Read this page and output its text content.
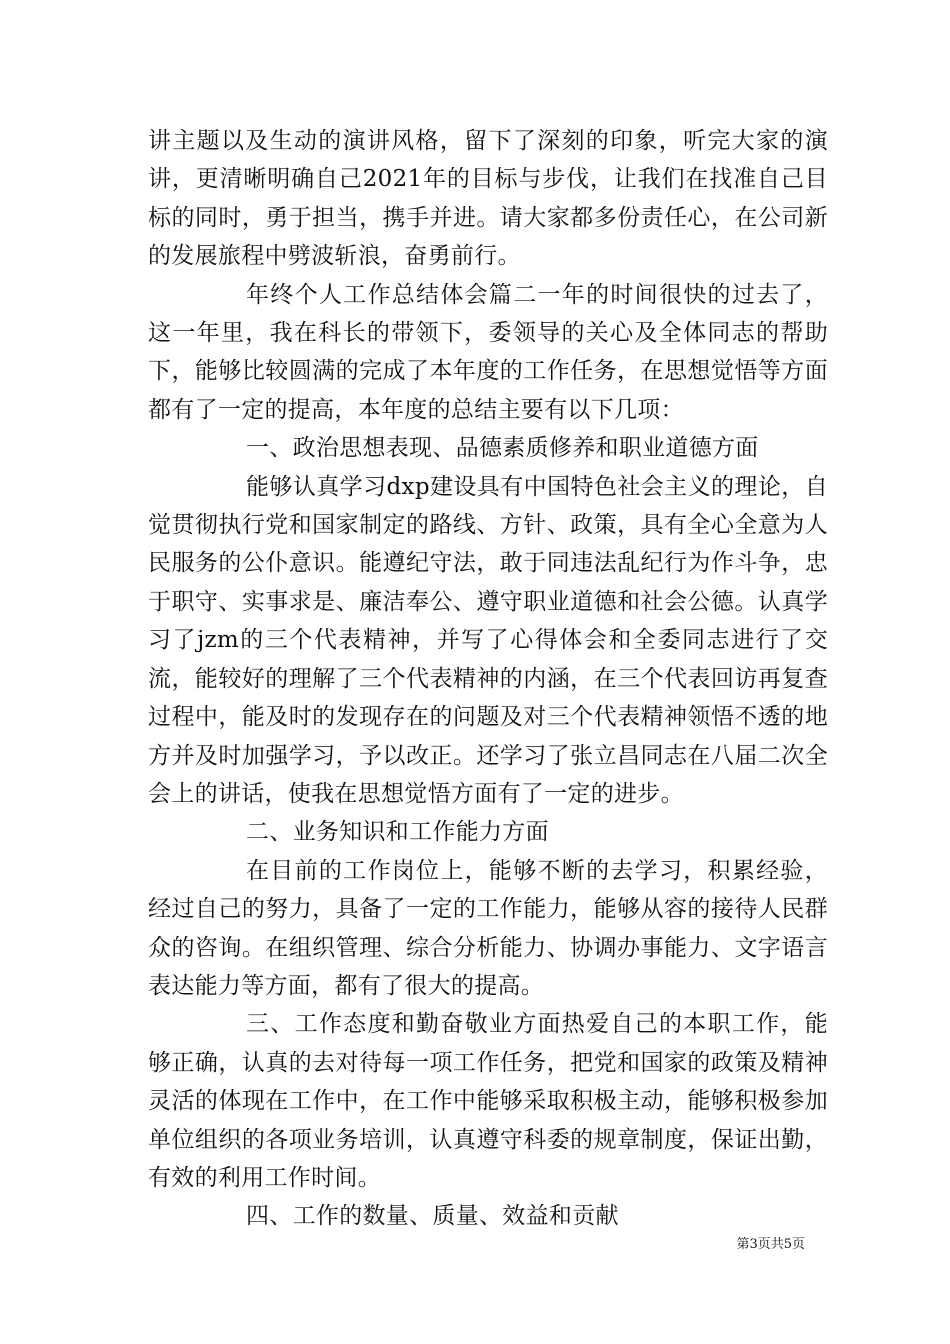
讲主题以及生动的演讲风格，留下了深刻的印象，听完大家的演讲，更清晰明确自己2021年的目标与步伐，让我们在找准自己目标的同时，勇于担当，携手并进。请大家都多份责任心，在公司新的发展旅程中劈波斩浪，奋勇前行。

年终个人工作总结体会篇二一年的时间很快的过去了，这一年里，我在科长的带领下，委领导的关心及全体同志的帮助下，能够比较圆满的完成了本年度的工作任务，在思想觉悟等方面都有了一定的提高，本年度的总结主要有以下几项：

一、政治思想表现、品德素质修养和职业道德方面

能够认真学习dxp建设具有中国特色社会主义的理论，自觉贯彻执行党和国家制定的路线、方针、政策，具有全心全意为人民服务的公仆意识。能遵纪守法，敢于同违法乱纪行为作斗争，忠于职守、实事求是、廉洁奉公、遵守职业道德和社会公德。认真学习了jzm的三个代表精神，并写了心得体会和全委同志进行了交流，能较好的理解了三个代表精神的内涵，在三个代表回访再复查过程中，能及时的发现存在的问题及对三个代表精神领悟不透的地方并及时加强学习，予以改正。还学习了张立昌同志在八届二次全会上的讲话，使我在思想觉悟方面有了一定的进步。

二、业务知识和工作能力方面

在目前的工作岗位上，能够不断的去学习，积累经验，经过自己的努力，具备了一定的工作能力，能够从容的接待人民群众的咨询。在组织管理、综合分析能力、协调办事能力、文字语言表达能力等方面，都有了很大的提高。

三、工作态度和勤奋敬业方面热爱自己的本职工作，能够正确，认真的去对待每一项工作任务，把党和国家的政策及精神灵活的体现在工作中，在工作中能够采取积极主动，能够积极参加单位组织的各项业务培训，认真遵守科委的规章制度，保证出勤，有效的利用工作时间。

四、工作的数量、质量、效益和贡献

第3页共5页
